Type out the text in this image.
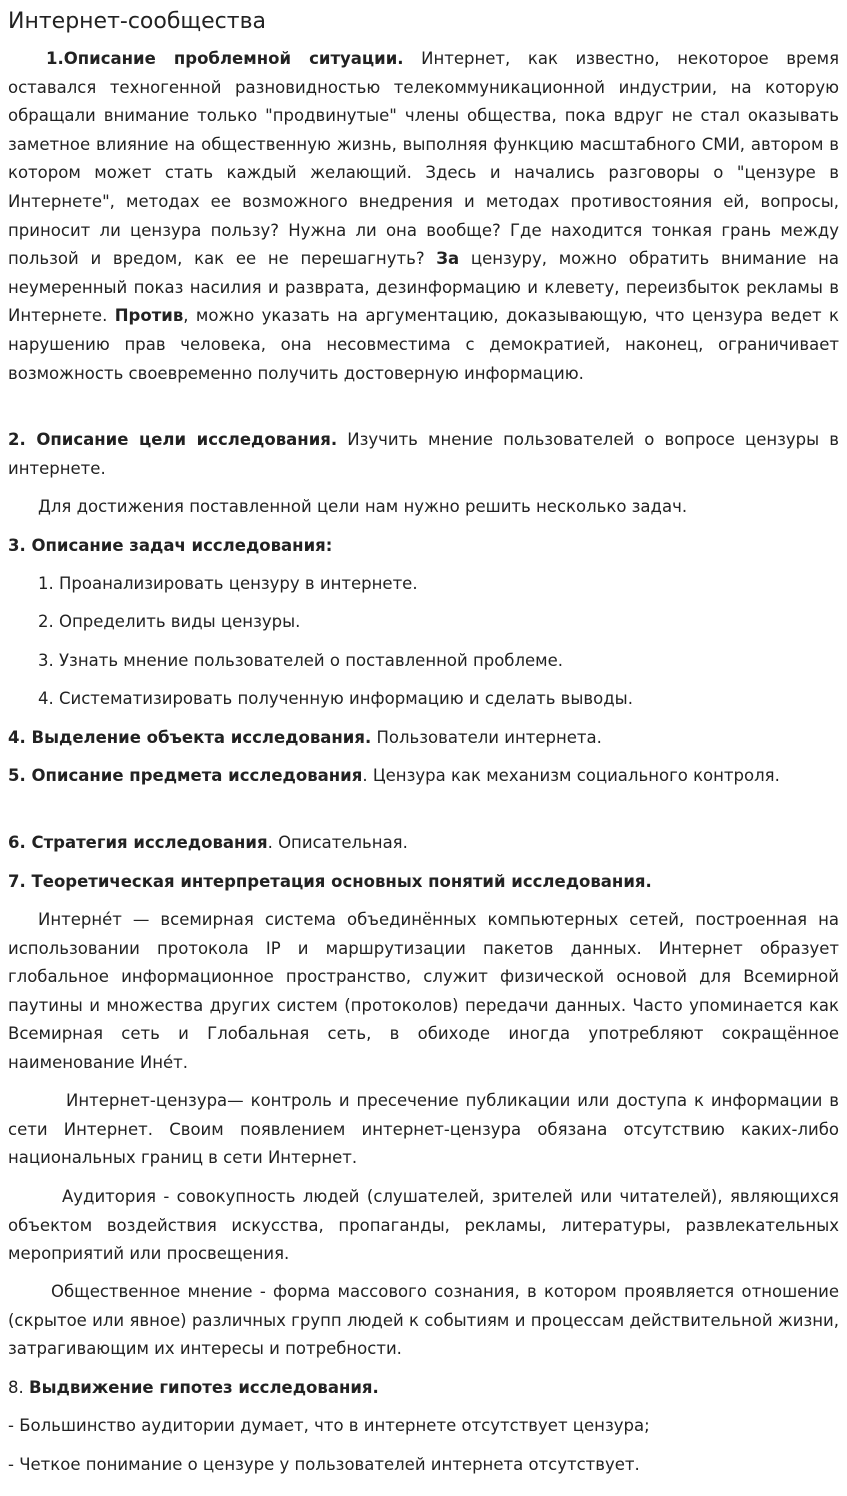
Интернет-сообщества

1.Описание проблемной ситуации. Интернет, как известно, некоторое время оставался техногенной разновидностью телекоммуникационной индустрии, на которую обращали внимание только "продвинутые" члены общества, пока вдруг не стал оказывать заметное влияние на общественную жизнь, выполняя функцию масштабного СМИ, автором в котором может стать каждый желающий. Здесь и начались разговоры о "цензуре в Интернете", методах ее возможного внедрения и методах противостояния ей, вопросы, приносит ли цензура пользу? Нужна ли она вообще? Где находится тонкая грань между пользой и вредом, как ее не перешагнуть? За цензуру, можно обратить внимание на неумеренный показ насилия и разврата, дезинформацию и клевету, переизбыток рекламы в Интернете. Против, можно указать на аргументацию, доказывающую, что цензура ведет к нарушению прав человека, она несовместима с демократией, наконец, ограничивает возможность своевременно получить достоверную информацию.

2. Описание цели исследования. Изучить мнение пользователей о вопросе цензуры в интернете.

Для достижения поставленной цели нам нужно решить несколько задач.

3. Описание задач исследования:

1. Проанализировать цензуру в интернете.

2. Определить виды цензуры.

3. Узнать мнение пользователей о поставленной проблеме.

4. Систематизировать полученную информацию и сделать выводы.

4. Выделение объекта исследования. Пользователи интернета.

5. Описание предмета исследования. Цензура как механизм социального контроля.

6. Стратегия исследования. Описательная.

7. Теоретическая интерпретация основных понятий исследования.

Интерне́т — всемирная система объединённых компьютерных сетей, построенная на использовании протокола IP и маршрутизации пакетов данных. Интернет образует глобальное информационное пространство, служит физической основой для Всемирной паутины и множества других систем (протоколов) передачи данных. Часто упоминается как Всемирная сеть и Глобальная сеть, в обиходе иногда употребляют сокращённое наименование Ине́т.

Интернет-цензура— контроль и пресечение публикации или доступа к информации в сети Интернет. Своим появлением интернет-цензура обязана отсутствию каких-либо национальных границ в сети Интернет.

Аудитория - совокупность людей (слушателей, зрителей или читателей), являющихся объектом воздействия искусства, пропаганды, рекламы, литературы, развлекательных мероприятий или просвещения.

Общественное мнение - форма массового сознания, в котором проявляется отношение (скрытое или явное) различных групп людей к событиям и процессам действительной жизни, затрагивающим их интересы и потребности.

8. Выдвижение гипотез исследования.

- Большинство аудитории думает, что в интернете отсутствует цензура;

- Четкое понимание о цензуре у пользователей интернета отсутствует.
